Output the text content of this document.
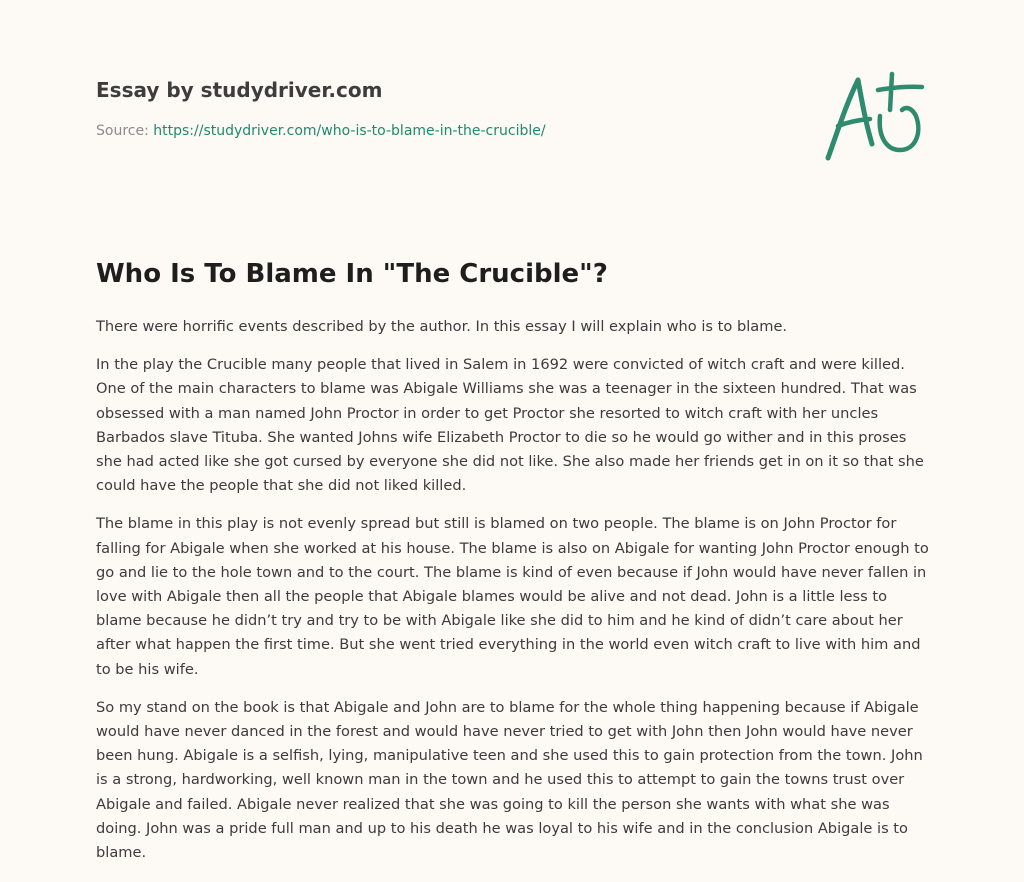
Essay by studydriver.com
Source: https://studydriver.com/who-is-to-blame-in-the-crucible/
Who Is To Blame In "The Crucible"?

There were horrific events described by the author. In this essay I will explain who is to blame.

In the play the Crucible many people that lived in Salem in 1692 were convicted of witch craft and were killed. One of the main characters to blame was Abigale Williams she was a teenager in the sixteen hundred. That was obsessed with a man named John Proctor in order to get Proctor she resorted to witch craft with her uncles Barbados slave Tituba. She wanted Johns wife Elizabeth Proctor to die so he would go wither and in this proses she had acted like she got cursed by everyone she did not like. She also made her friends get in on it so that she could have the people that she did not liked killed.

The blame in this play is not evenly spread but still is blamed on two people. The blame is on John Proctor for falling for Abigale when she worked at his house. The blame is also on Abigale for wanting John Proctor enough to go and lie to the hole town and to the court. The blame is kind of even because if John would have never fallen in love with Abigale then all the people that Abigale blames would be alive and not dead. John is a little less to blame because he didn’t try and try to be with Abigale like she did to him and he kind of didn’t care about her after what happen the first time. But she went tried everything in the world even witch craft to live with him and to be his wife.

So my stand on the book is that Abigale and John are to blame for the whole thing happening because if Abigale would have never danced in the forest and would have never tried to get with John then John would have never been hung. Abigale is a selfish, lying, manipulative teen and she used this to gain protection from the town. John is a strong, hardworking, well known man in the town and he used this to attempt to gain the towns trust over Abigale and failed. Abigale never realized that she was going to kill the person she wants with what she was doing. John was a pride full man and up to his death he was loyal to his wife and in the conclusion Abigale is to blame.
